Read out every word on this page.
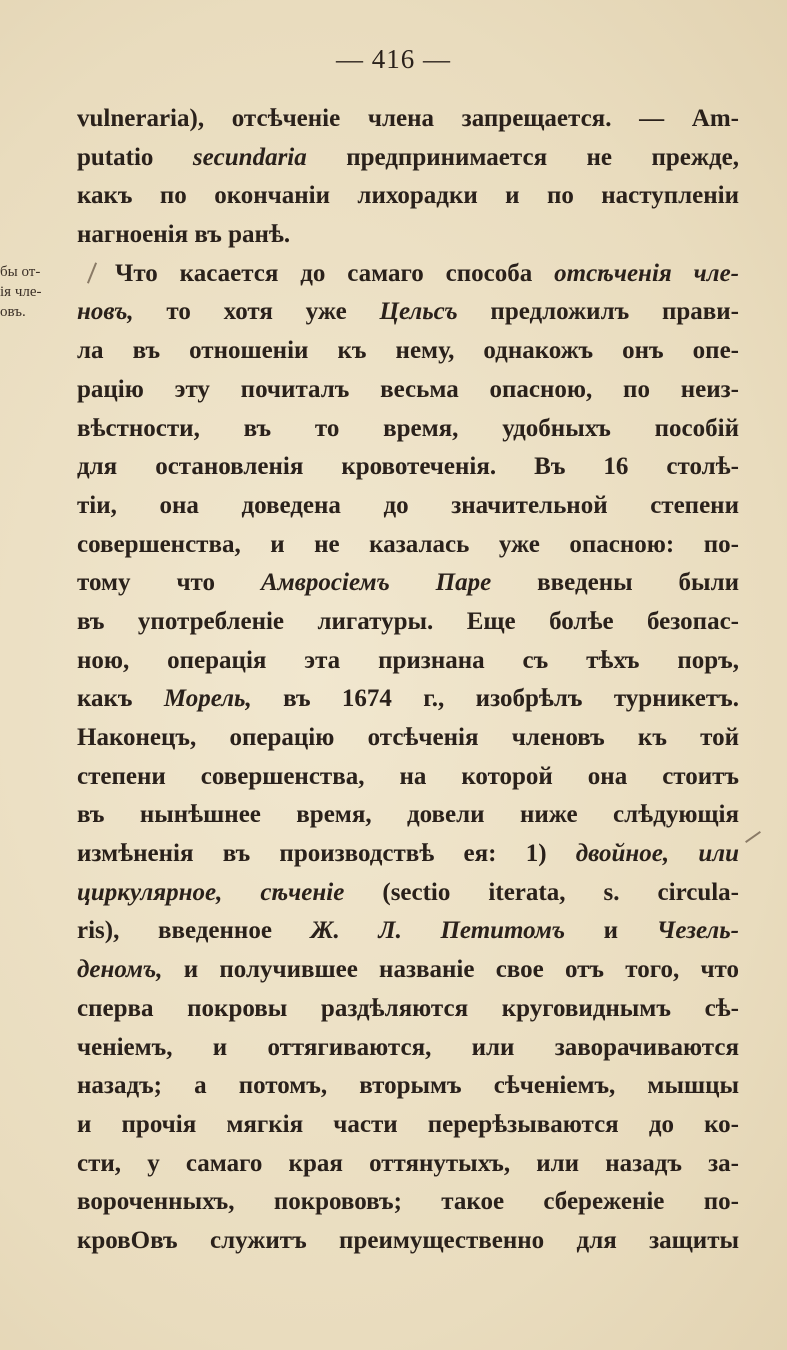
— 416 —
бы от-
iя чле-
овъ.
vulneraria), отсѣченiе члена запрещается. — Am-
putatio secundaria предпринимается не прежде,
какъ по окончанiи лихорадки и по наступленiи
нагноенiя въ ранѣ.
Что касается до самаго способа отсѣченiя чле-
новъ, то хотя уже Цельсъ предложилъ прави-
ла въ отношенiи къ нему, однакожъ онъ опе-
рацiю эту почиталъ весьма опасною, по неиз-
вѣстности, въ то время, удобныхъ пособiй
для остановленiя кровотеченiя. Въ 16 столѣ-
тiи, она доведена до значительной степени
совершенства, и не казалась уже опасною: по-
тому что Амвросiемъ Паре введены были
въ употребленiе лигатуры. Еще болѣе безопас-
ною, операцiя эта признана съ тѣхъ поръ,
какъ Морель, въ 1674 г., изобрѣлъ турникетъ.
Наконецъ, операцiю отсѣченiя членовъ къ той
степени совершенства, на которой она стоитъ
въ нынѣшнее время, довели ниже слѣдующiя
измѣненiя въ производствѣ ея: 1) двойное, или
циркулярное, сѣченiе (sectio iterata, s. circula-
ris), введенное Ж. Л. Петитомъ и Чезель-
деномъ, и получившее названiе свое отъ того, что
сперва покровы раздѣляются круговиднымъ сѣ-
ченiемъ, и оттягиваются, или заворачиваются
назадъ; а потомъ, вторымъ сѣченiемъ, мышцы
и прочiя мягкiя части перерѣзываются до ко-
сти, у самаго края оттянутыхъ, или назадъ за-
вороченныхъ, покрововъ; такое сбереженiе по-
кровОвъ служитъ преимущественно для защиты
